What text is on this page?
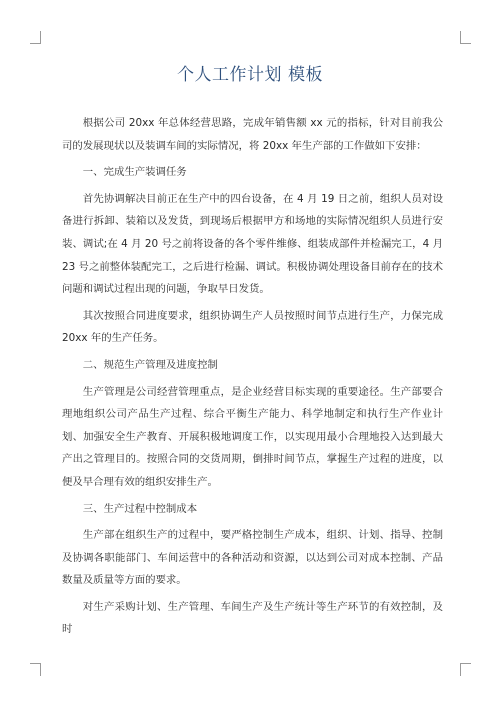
个人工作计划 模板

根据公司 20xx 年总体经营思路，完成年销售额 xx 元的指标，针对目前我公司的发展现状以及装调车间的实际情况，将 20xx 年生产部的工作做如下安排：

一、完成生产装调任务

首先协调解决目前正在生产中的四台设备，在 4 月 19 日之前，组织人员对设备进行拆卸、装箱以及发货，到现场后根据甲方和场地的实际情况组织人员进行安装、调试;在 4 月 20 号之前将设备的各个零件维修、组装成部件并检漏完工，4 月 23 号之前整体装配完工，之后进行检漏、调试。积极协调处理设备目前存在的技术问题和调试过程出现的问题，争取早日发货。

其次按照合同进度要求，组织协调生产人员按照时间节点进行生产，力保完成 20xx 年的生产任务。

二、规范生产管理及进度控制

生产管理是公司经营管理重点，是企业经营目标实现的重要途径。生产部要合理地组织公司产品生产过程、综合平衡生产能力、科学地制定和执行生产作业计划、加强安全生产教育、开展积极地调度工作，以实现用最小合理地投入达到最大产出之管理目的。按照合同的交货周期，倒排时间节点，掌握生产过程的进度，以便及早合理有效的组织安排生产。

三、生产过程中控制成本

生产部在组织生产的过程中，要严格控制生产成本，组织、计划、指导、控制及协调各职能部门、车间运营中的各种活动和资源，以达到公司对成本控制、产品数量及质量等方面的要求。

对生产采购计划、生产管理、车间生产及生产统计等生产环节的有效控制，及时
